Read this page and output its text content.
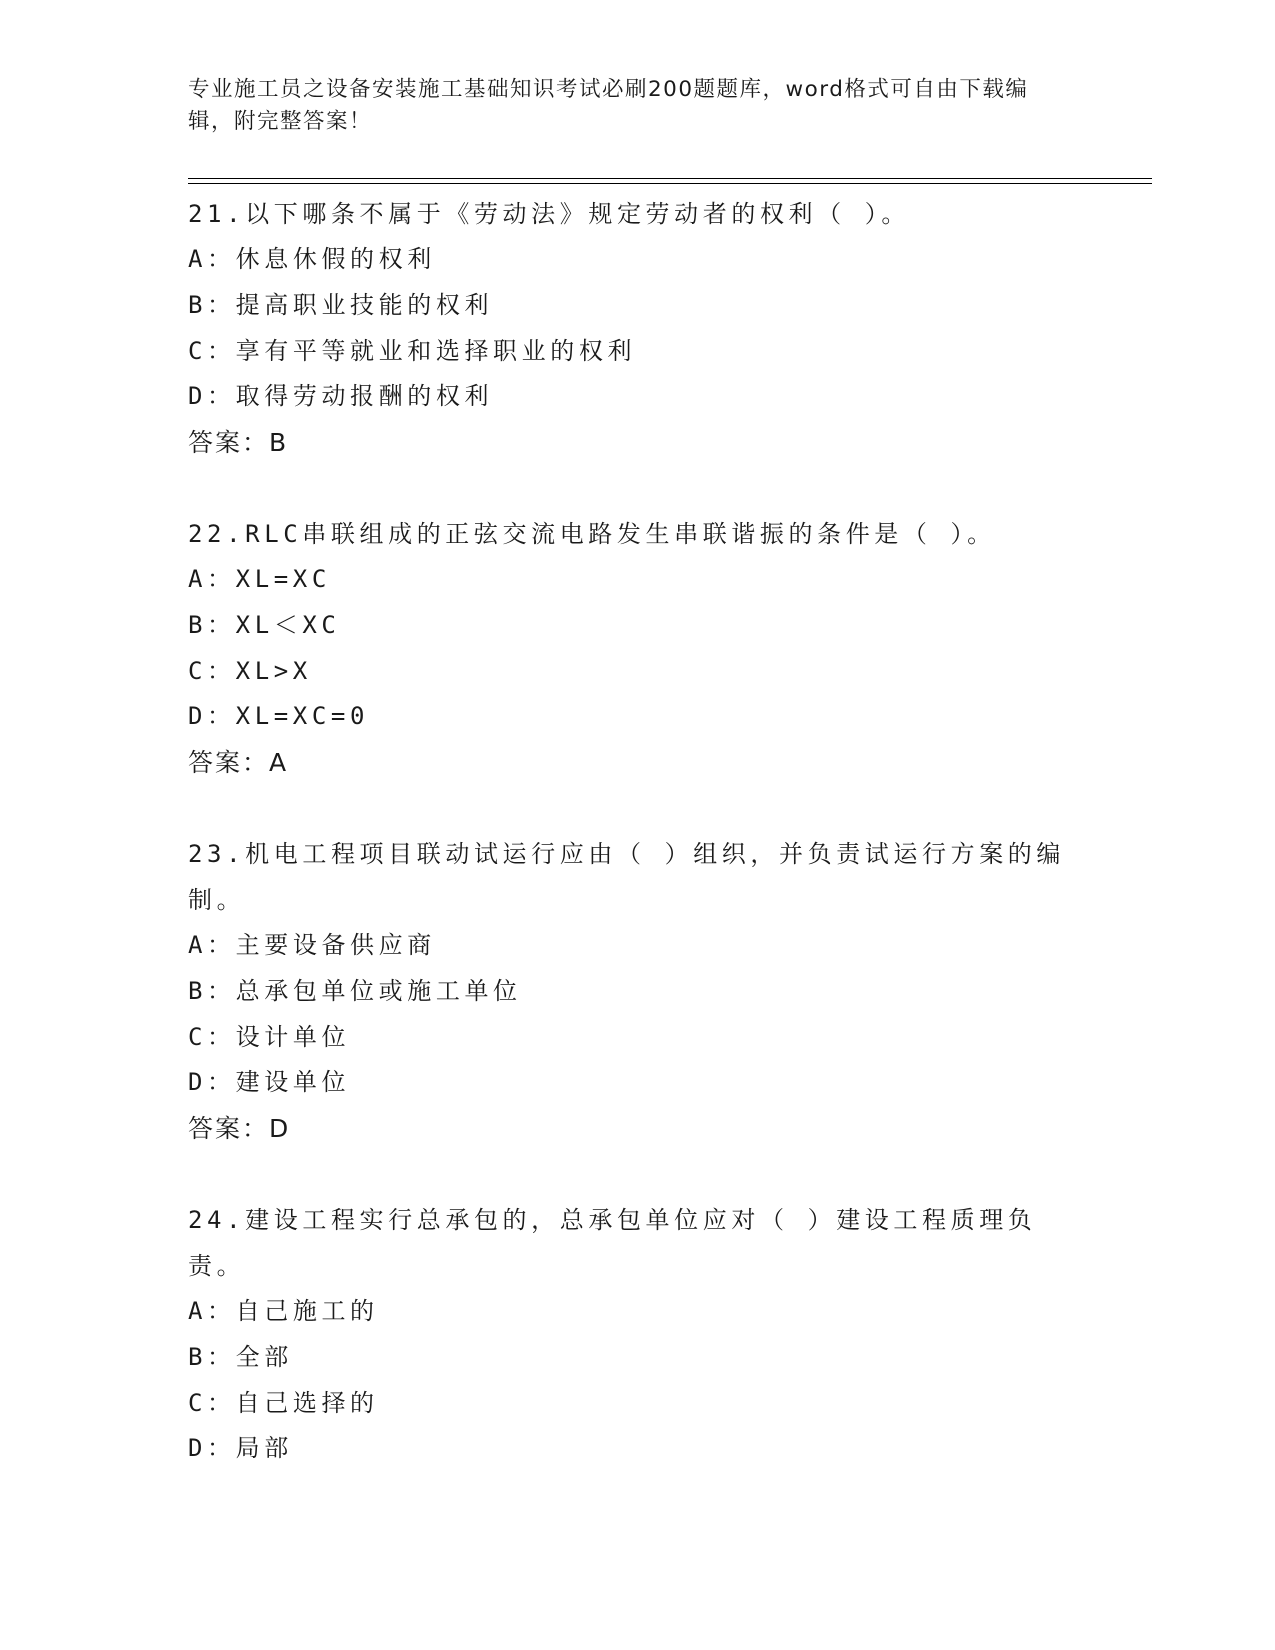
专业施工员之设备安装施工基础知识考试必刷200题题库，word格式可自由下载编辑，附完整答案！
21.以下哪条不属于《劳动法》规定劳动者的权利（ ）。
A：休息休假的权利
B：提高职业技能的权利
C：享有平等就业和选择职业的权利
D：取得劳动报酬的权利
答案：B
22.RLC串联组成的正弦交流电路发生串联谐振的条件是（ ）。
A：XL=XC
B：XL＜XC
C：XL>X
D：XL=XC=0
答案：A
23.机电工程项目联动试运行应由（ ）组织，并负责试运行方案的编制。
A：主要设备供应商
B：总承包单位或施工单位
C：设计单位
D：建设单位
答案：D
24.建设工程实行总承包的，总承包单位应对（ ）建设工程质理负责。
A：自己施工的
B：全部
C：自己选择的
D：局部
